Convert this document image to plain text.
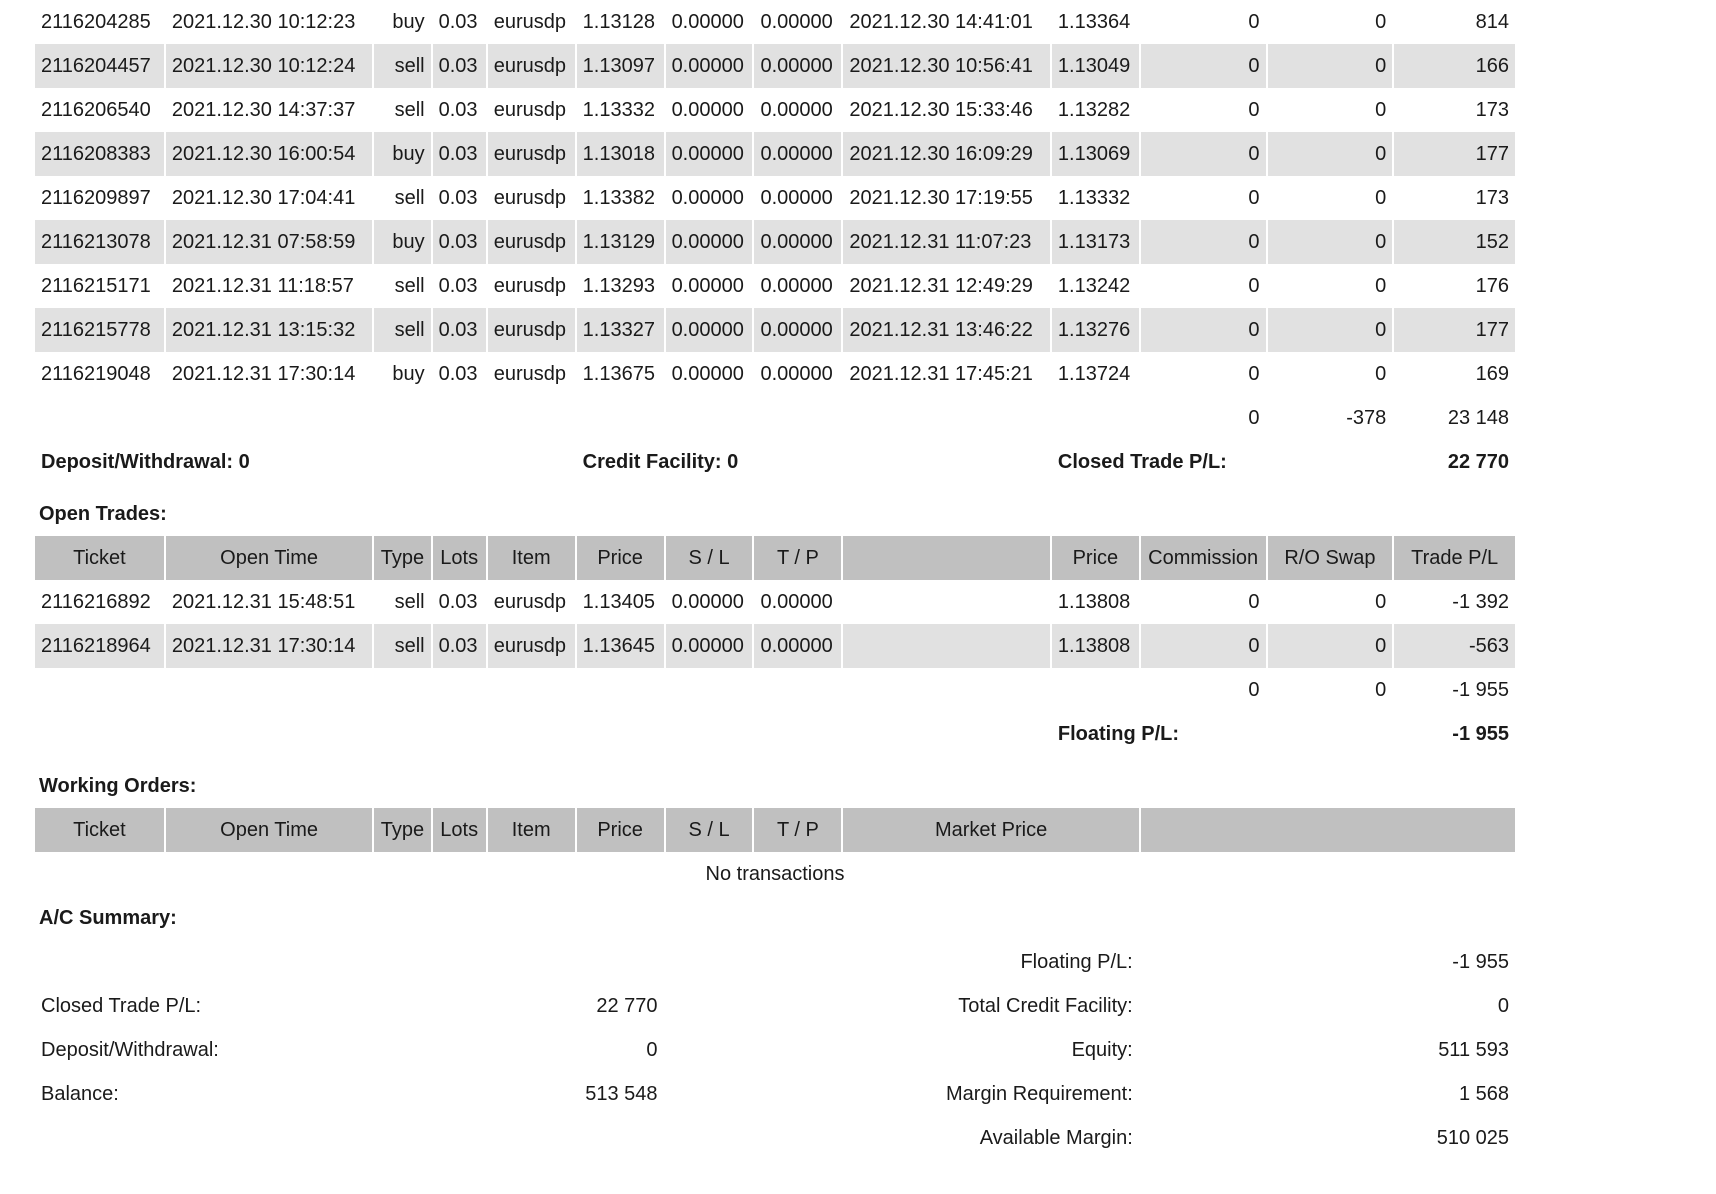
2116204285	2021.12.30 10:12:23	buy	0.03	eurusdp	1.13128	0.00000	0.00000	2021.12.30 14:41:01	1.13364	0	0	814
2116204457	2021.12.30 10:12:24	sell	0.03	eurusdp	1.13097	0.00000	0.00000	2021.12.30 10:56:41	1.13049	0	0	166
2116206540	2021.12.30 14:37:37	sell	0.03	eurusdp	1.13332	0.00000	0.00000	2021.12.30 15:33:46	1.13282	0	0	173
2116208383	2021.12.30 16:00:54	buy	0.03	eurusdp	1.13018	0.00000	0.00000	2021.12.30 16:09:29	1.13069	0	0	177
2116209897	2021.12.30 17:04:41	sell	0.03	eurusdp	1.13382	0.00000	0.00000	2021.12.30 17:19:55	1.13332	0	0	173
2116213078	2021.12.31 07:58:59	buy	0.03	eurusdp	1.13129	0.00000	0.00000	2021.12.31 11:07:23	1.13173	0	0	152
2116215171	2021.12.31 11:18:57	sell	0.03	eurusdp	1.13293	0.00000	0.00000	2021.12.31 12:49:29	1.13242	0	0	176
2116215778	2021.12.31 13:15:32	sell	0.03	eurusdp	1.13327	0.00000	0.00000	2021.12.31 13:46:22	1.13276	0	0	177
2116219048	2021.12.31 17:30:14	buy	0.03	eurusdp	1.13675	0.00000	0.00000	2021.12.31 17:45:21	1.13724	0	0	169
										0	-378	23 148
Deposit/Withdrawal: 0					Credit Facility: 0				Closed Trade P/L:			22 770
Open Trades:
Ticket	Open Time	Type	Lots	Item	Price	S / L	T / P		Price	Commission	R/O Swap	Trade P/L
2116216892	2021.12.31 15:48:51	sell	0.03	eurusdp	1.13405	0.00000	0.00000		1.13808	0	0	-1 392
2116218964	2021.12.31 17:30:14	sell	0.03	eurusdp	1.13645	0.00000	0.00000		1.13808	0	0	-563
										0	0	-1 955
									Floating P/L:			-1 955
Working Orders:
Ticket	Open Time	Type	Lots	Item	Price	S / L	T / P	Market Price	
No transactions
A/C Summary:
		Floating P/L:	-1 955
Closed Trade P/L:	22 770	Total Credit Facility:	0
Deposit/Withdrawal:	0	Equity:	511 593
Balance:	513 548	Margin Requirement:	1 568
		Available Margin:	510 025
